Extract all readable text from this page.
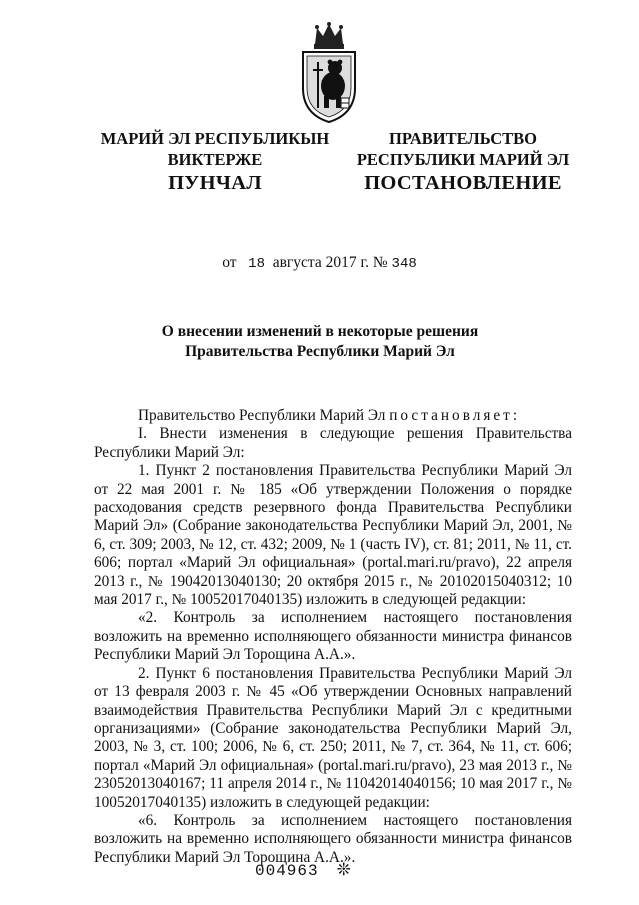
МАРИЙ ЭЛ РЕСПУБЛИКЫН
ВИКТЕРЖЕ
ПРАВИТЕЛЬСТВО
РЕСПУБЛИКИ МАРИЙ ЭЛ
ПУНЧАЛ	ПОСТАНОВЛЕНИЕ
от 18 августа 2017 г. № 348
О внесении изменений в некоторые решения
Правительства Республики Марий Эл

Правительство Республики Марий Эл постановляет:

I. Внести изменения в следующие решения Правительства Республики Марий Эл:

1. Пункт 2 постановления Правительства Республики Марий Эл от 22 мая 2001 г. № 185 «Об утверждении Положения о порядке расходования средств резервного фонда Правительства Республики Марий Эл» (Собрание законодательства Республики Марий Эл, 2001, № 6, ст. 309; 2003, № 12, ст. 432; 2009, № 1 (часть IV), ст. 81; 2011, № 11, ст. 606; портал «Марий Эл официальная» (portal.mari.ru/pravo), 22 апреля 2013 г., № 19042013040130; 20 октября 2015 г., № 20102015040312; 10 мая 2017 г., № 10052017040135) изложить в следующей редакции:

«2. Контроль за исполнением настоящего постановления возложить на временно исполняющего обязанности министра финансов Республики Марий Эл Торощина А.А.».

2. Пункт 6 постановления Правительства Республики Марий Эл от 13 февраля 2003 г. № 45 «Об утверждении Основных направлений взаимодействия Правительства Республики Марий Эл с кредитными организациями» (Собрание законодательства Республики Марий Эл, 2003, № 3, ст. 100; 2006, № 6, ст. 250; 2011, № 7, ст. 364, № 11, ст. 606; портал «Марий Эл официальная» (portal.mari.ru/pravo), 23 мая 2013 г., № 23052013040167; 11 апреля 2014 г., № 11042014040156; 10 мая 2017 г., № 10052017040135) изложить в следующей редакции:

«6. Контроль за исполнением настоящего постановления возложить на временно исполняющего обязанности министра финансов Республики Марий Эл Торощина А.А.».

004963 ❊
